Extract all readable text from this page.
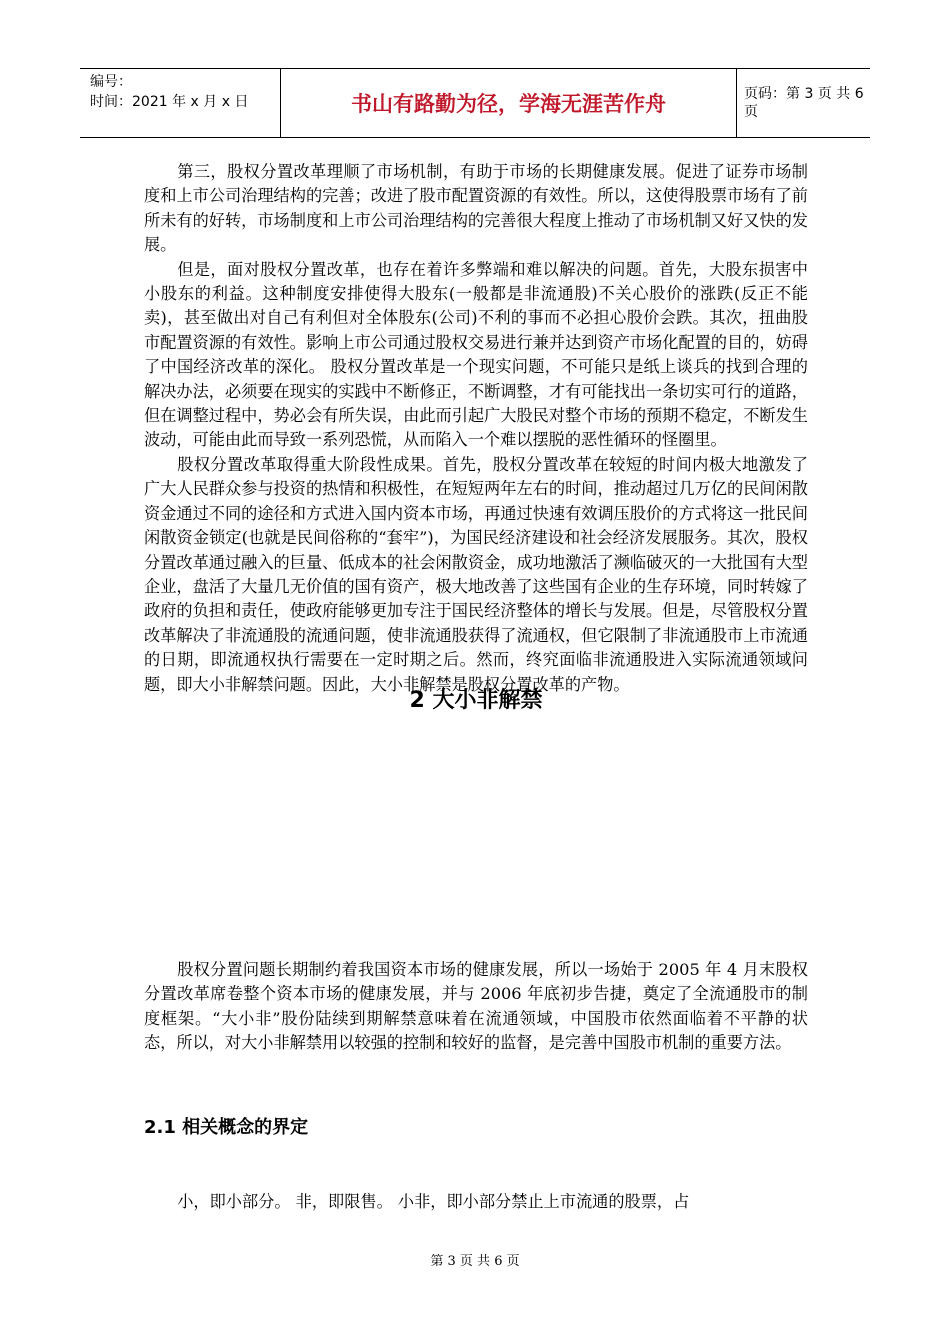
编号：
时间：2021 年 x 月 x 日	书山有路勤为径，学海无涯苦作舟	页码：第 3 页 共 6 页

第三，股权分置改革理顺了市场机制，有助于市场的长期健康发展。促进了证券市场制度和上市公司治理结构的完善；改进了股市配置资源的有效性。所以，这使得股票市场有了前所未有的好转，市场制度和上市公司治理结构的完善很大程度上推动了市场机制又好又快的发展。

但是，面对股权分置改革，也存在着许多弊端和难以解决的问题。首先，大股东损害中小股东的利益。这种制度安排使得大股东(一般都是非流通股)不关心股价的涨跌(反正不能卖)，甚至做出对自己有利但对全体股东(公司)不利的事而不必担心股价会跌。其次，扭曲股市配置资源的有效性。影响上市公司通过股权交易进行兼并达到资产市场化配置的目的，妨碍了中国经济改革的深化。 股权分置改革是一个现实问题，不可能只是纸上谈兵的找到合理的解决办法，必须要在现实的实践中不断修正，不断调整，才有可能找出一条切实可行的道路，但在调整过程中，势必会有所失误，由此而引起广大股民对整个市场的预期不稳定，不断发生波动，可能由此而导致一系列恐慌，从而陷入一个难以摆脱的恶性循环的怪圈里。

股权分置改革取得重大阶段性成果。首先，股权分置改革在较短的时间内极大地激发了广大人民群众参与投资的热情和积极性，在短短两年左右的时间，推动超过几万亿的民间闲散资金通过不同的途径和方式进入国内资本市场，再通过快速有效调压股价的方式将这一批民间闲散资金锁定(也就是民间俗称的“套牢”)，为国民经济建设和社会经济发展服务。其次，股权分置改革通过融入的巨量、低成本的社会闲散资金，成功地激活了濒临破灭的一大批国有大型企业，盘活了大量几无价值的国有资产，极大地改善了这些国有企业的生存环境，同时转嫁了政府的负担和责任，使政府能够更加专注于国民经济整体的增长与发展。但是，尽管股权分置改革解决了非流通股的流通问题，使非流通股获得了流通权，但它限制了非流通股市上市流通的日期，即流通权执行需要在一定时期之后。然而，终究面临非流通股进入实际流通领域问题，即大小非解禁问题。因此，大小非解禁是股权分置改革的产物。

2 大小非解禁

股权分置问题长期制约着我国资本市场的健康发展，所以一场始于 2005 年 4 月末股权分置改革席卷整个资本市场的健康发展，并与 2006 年底初步告捷，奠定了全流通股市的制度框架。“大小非”股份陆续到期解禁意味着在流通领域，中国股市依然面临着不平静的状态，所以，对大小非解禁用以较强的控制和较好的监督，是完善中国股市机制的重要方法。

2.1 相关概念的界定

小，即小部分。 非，即限售。 小非，即小部分禁止上市流通的股票，占

第 3 页 共 6 页
